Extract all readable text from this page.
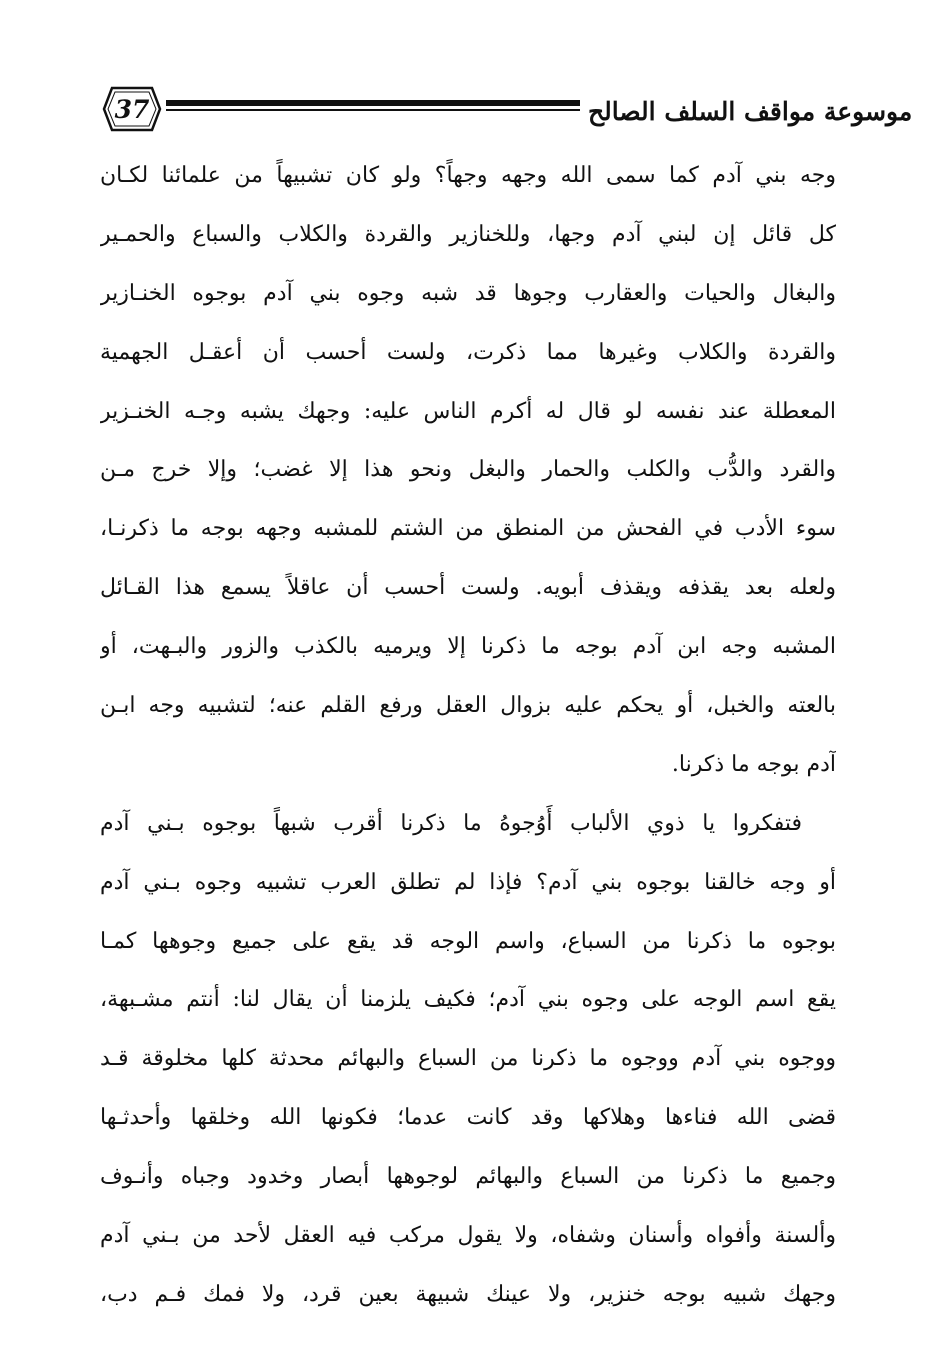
37	موسوعة مواقف السلف الصالح
وجه بني آدم كما سمى الله وجهه وجهاً؟ ولو كان تشبيهاً من علمائنا لكـان
كل قائل إن لبني آدم وجها، وللخنازير والقردة والكلاب والسباع والحمـير
والبغال والحيات والعقارب وجوها قد شبه وجوه بني آدم بوجوه الخنـازير
والقردة والكلاب وغيرها مما ذكرت، ولست أحسب أن أعقـل الجهمية
المعطلة عند نفسه لو قال له أكرم الناس عليه: وجهك يشبه وجـه الخنـزير
والقرد والدُّب والكلب والحمار والبغل ونحو هذا إلا غضب؛ وإلا خرج مـن
سوء الأدب في الفحش من المنطق من الشتم للمشبه وجهه بوجه ما ذكرنـا،
ولعله بعد يقذفه ويقذف أبويه. ولست أحسب أن عاقلاً يسمع هذا القـائل
المشبه وجه ابن آدم بوجه ما ذكرنا إلا ويرميه بالكذب والزور والبـهت، أو
بالعته والخبل، أو يحكم عليه بزوال العقل ورفع القلم عنه؛ لتشبيه وجه ابـن
آدم بوجه ما ذكرنا.
فتفكروا يا ذوي الألباب أَوُجوهُ ما ذكرنا أقرب شبهاً بوجوه بـني آدم
أو وجه خالقنا بوجوه بني آدم؟ فإذا لم تطلق العرب تشبيه وجوه بـني آدم
بوجوه ما ذكرنا من السباع، واسم الوجه قد يقع على جميع وجوهها كمـا
يقع اسم الوجه على وجوه بني آدم؛ فكيف يلزمنا أن يقال لنا: أنتم مشـبهة،
ووجوه بني آدم ووجوه ما ذكرنا من السباع والبهائم محدثة كلها مخلوقة قـد
قضى الله فناءها وهلاكها وقد كانت عدما؛ فكونها الله وخلقها وأحدثـها
وجميع ما ذكرنا من السباع والبهائم لوجوهها أبصار وخدود وجباه وأنـوف
وألسنة وأفواه وأسنان وشفاه، ولا يقول مركب فيه العقل لأحد من بـني آدم
وجهك شبيه بوجه خنزير، ولا عينك شبيهة بعين قرد، ولا فمك فـم دب،
